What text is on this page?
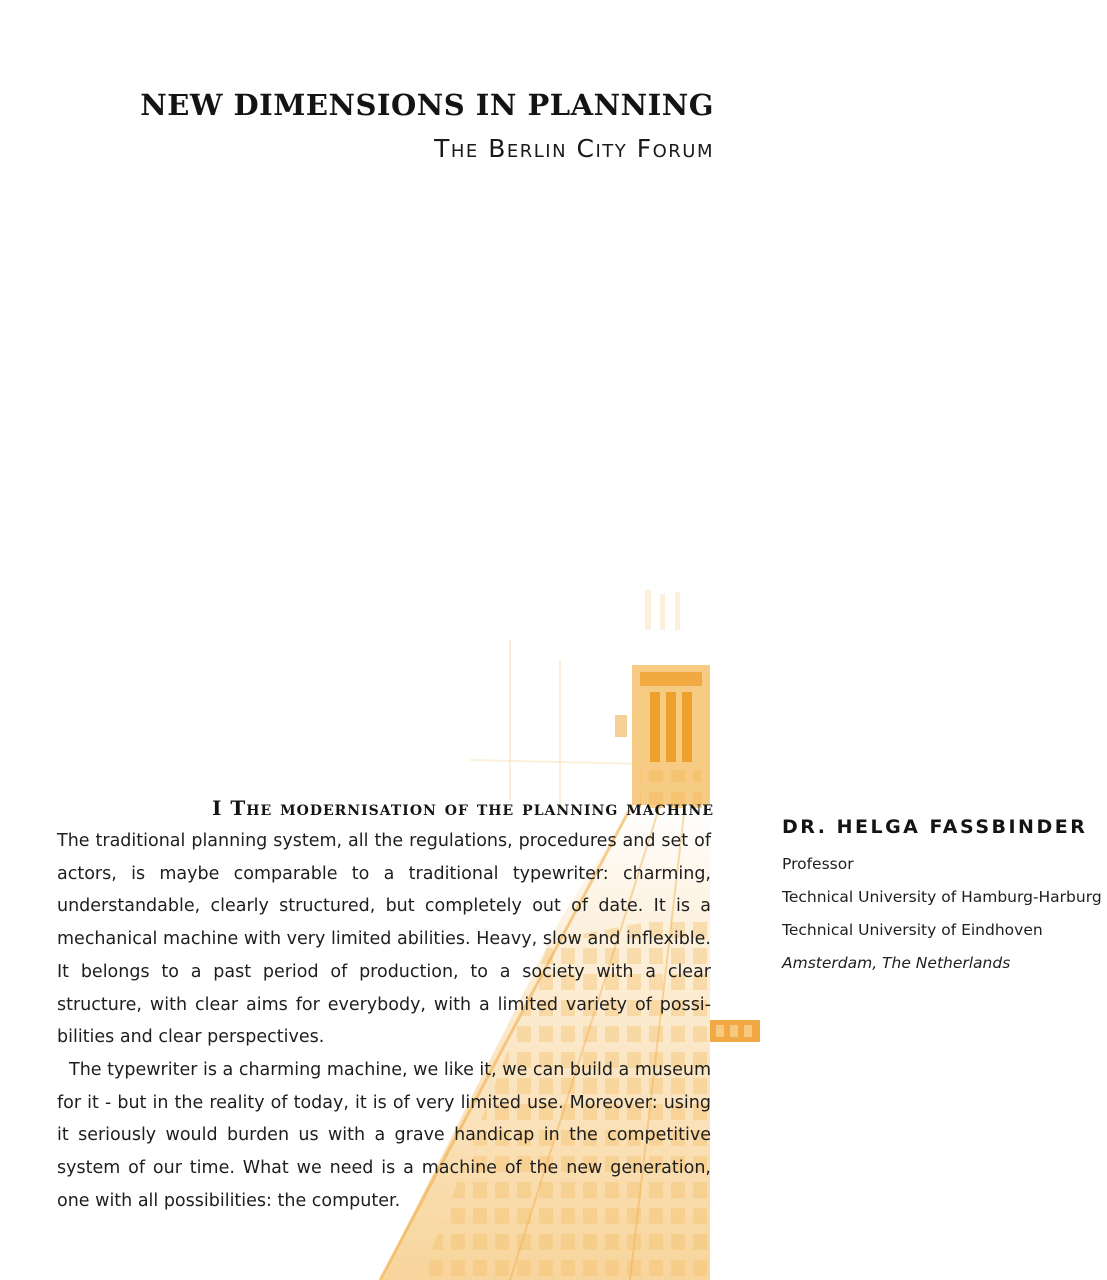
NEW DIMENSIONS IN PLANNING
The Berlin City Forum
I The modernisation of the planning machine

The traditional planning system, all the regulations, procedures and set of actors, is maybe comparable to a traditional typewriter: charming, understandable, clearly structured, but completely out of date. It is a mechanical machine with very limited abilities. Heavy, slow and inflexible. It belongs to a past period of production, to a society with a clear structure, with clear aims for everybody, with a limited variety of possibilities and clear perspectives.

The typewriter is a charming machine, we like it, we can build a museum for it - but in the reality of today, it is of very limited use. Moreover: using it seriously would burden us with a grave handicap in the competitive system of our time. What we need is a machine of the new generation, one with all possibilities: the computer.

DR. HELGA FASSBINDER
Professor
Technical University of Hamburg-Harburg
Technical University of Eindhoven
Amsterdam, The Netherlands
